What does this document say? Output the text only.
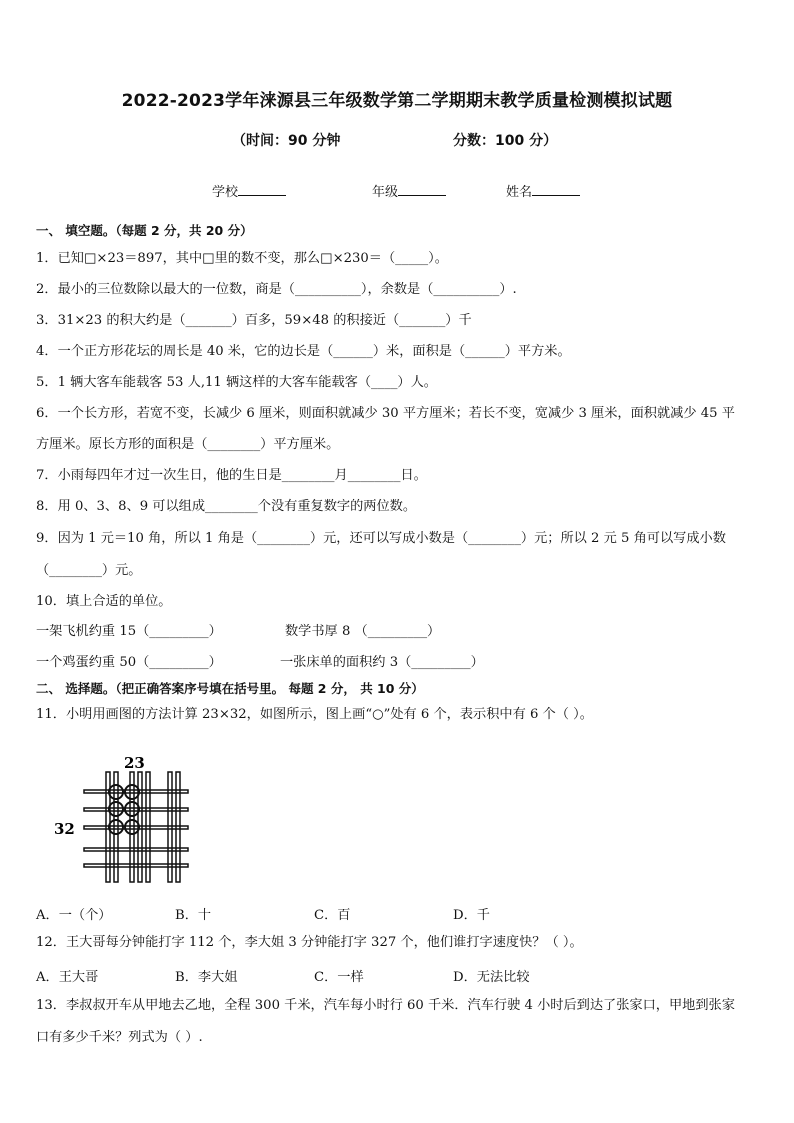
2022-2023学年涞源县三年级数学第二学期期末教学质量检测模拟试题
（时间：90 分钟	分数：100 分）
学校	年级	姓名
一、 填空题。（每题 2 分，共 20 分）
1．已知□×23＝897，其中□里的数不变，那么□×230＝（_____）。
2．最小的三位数除以最大的一位数，商是（__________），余数是（__________）.
3．31×23 的积大约是（_______）百多，59×48 的积接近（_______）千
4．一个正方形花坛的周长是 40 米，它的边长是（______）米，面积是（______）平方米。
5．1 辆大客车能载客 53 人,11 辆这样的大客车能载客（____）人。
6．一个长方形，若宽不变，长减少 6 厘米，则面积就减少 30 平方厘米；若长不变，宽减少 3 厘米，面积就减少 45 平
方厘米。原长方形的面积是（________）平方厘米。
7．小雨每四年才过一次生日，他的生日是________月________日。
8．用 0、3、8、9 可以组成________个没有重复数字的两位数。
9．因为 1 元＝10 角，所以 1 角是（________）元，还可以写成小数是（________）元；所以 2 元 5 角可以写成小数
（________）元。
10．填上合适的单位。
一架飞机约重 15（_________）	数学书厚 8 （_________）
一个鸡蛋约重 50（_________）	一张床单的面积约 3（_________）
二、 选择题。（把正确答案序号填在括号里。 每题 2 分， 共 10 分）
11．小明用画图的方法计算 23×32，如图所示，图上画“○”处有 6 个，表示积中有 6 个（ ）。
23
32
A．一（个）	B．十	C．百	D．千
12．王大哥每分钟能打字 112 个，李大姐 3 分钟能打字 327 个，他们谁打字速度快？（ ）。
A．王大哥	B．李大姐	C．一样	D．无法比较
13．李叔叔开车从甲地去乙地，全程 300 千米，汽车每小时行 60 千米．汽车行驶 4 小时后到达了张家口，甲地到张家
口有多少千米？列式为（ ）.
